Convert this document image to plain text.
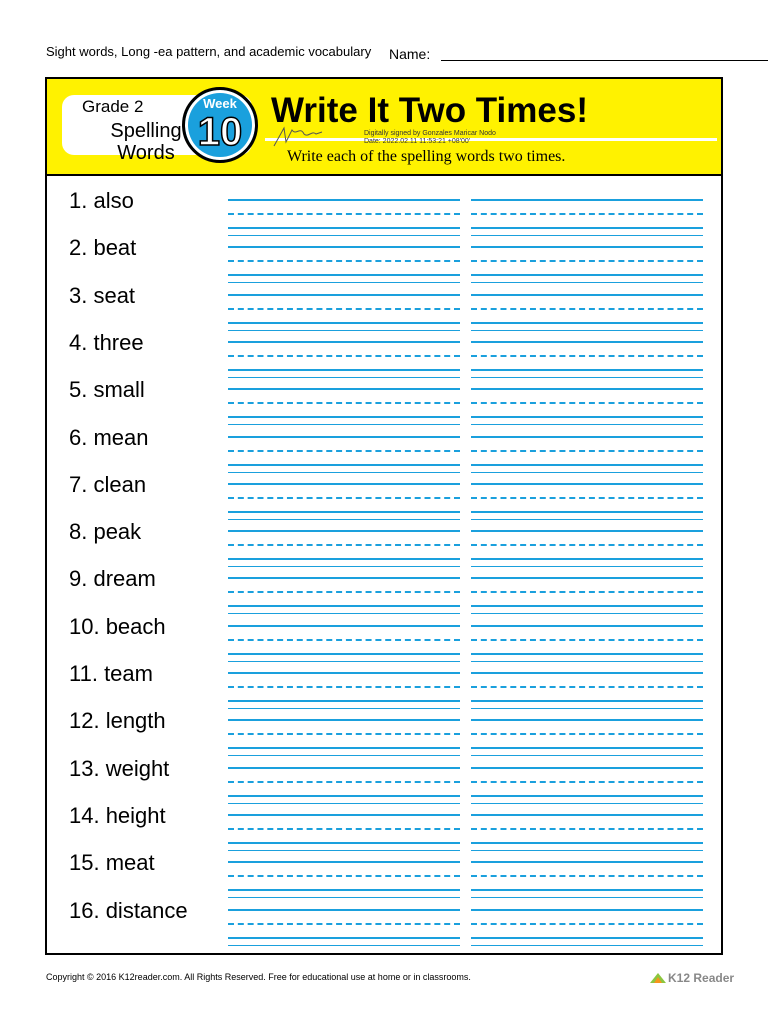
Sight words, Long -ea pattern, and academic vocabulary Name:
Grade 2
Spelling
Words
Week
10 Write It Two Times!
Write each of the spelling words two times.
1. also
2. beat
3. seat
4. three
5. small
6. mean
7. clean
8. peak
9. dream
10. beach
11. team
12. length
13. weight
14. height
15. meat
16. distance
Digitally signed by Gonzales Maricar Nodo
Date: 2022.02.11 11:53:21 +08'00'
Copyright © 2016 K12reader.com. All Rights Reserved. Free for educational use at home or in classrooms.	K12 Reader
